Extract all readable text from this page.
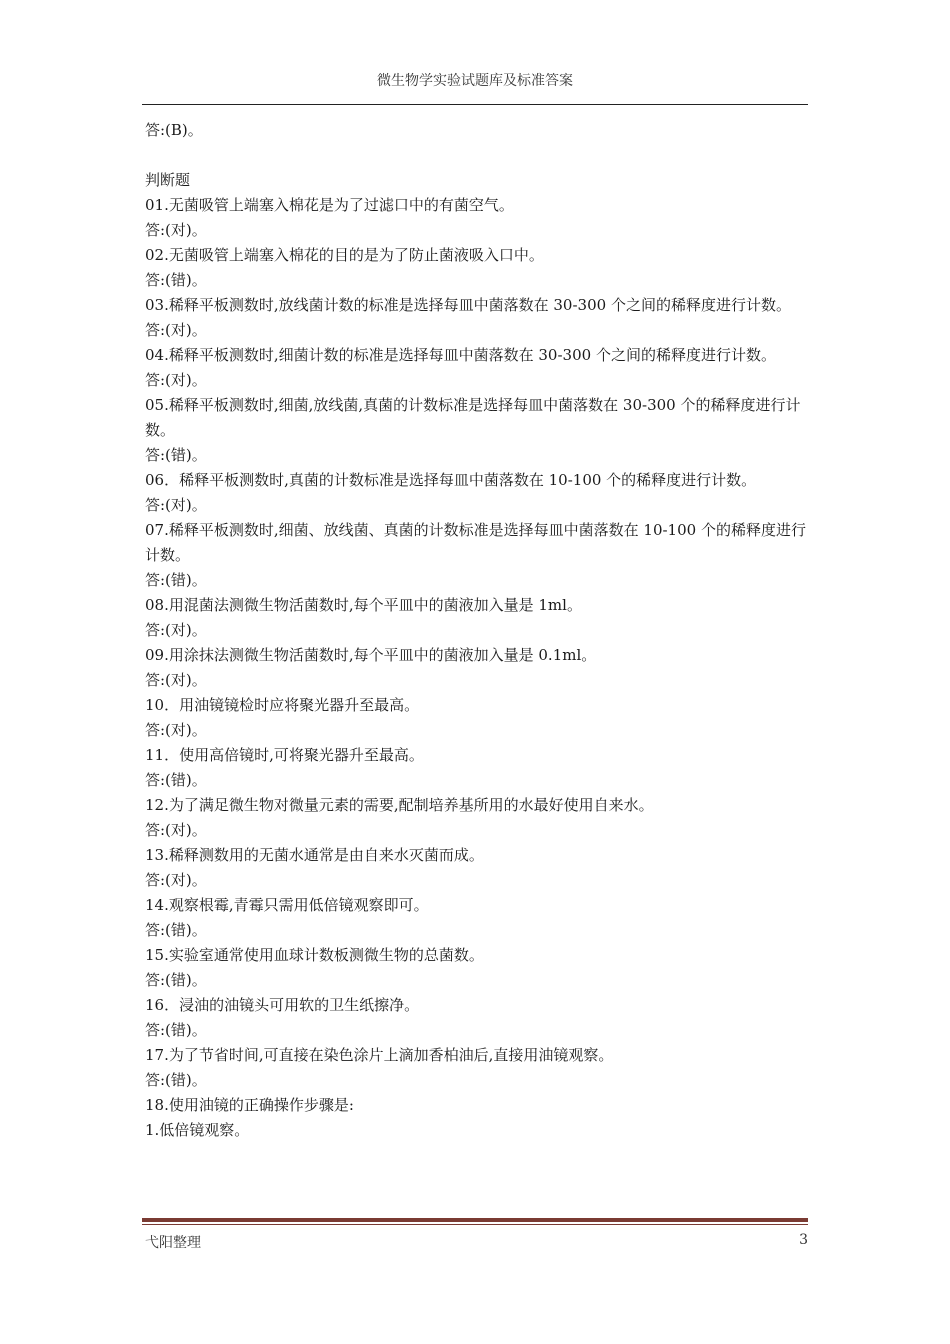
微生物学实验试题库及标准答案
答:(B)。
判断题
01.无菌吸管上端塞入棉花是为了过滤口中的有菌空气。
答:(对)。
02.无菌吸管上端塞入棉花的目的是为了防止菌液吸入口中。
答:(错)。
03.稀释平板测数时,放线菌计数的标准是选择每皿中菌落数在 30-300 个之间的稀释度进行计数。
答:(对)。
04.稀释平板测数时,细菌计数的标准是选择每皿中菌落数在 30-300 个之间的稀释度进行计数。
答:(对)。
05.稀释平板测数时,细菌,放线菌,真菌的计数标准是选择每皿中菌落数在 30-300 个的稀释度进行计数。
答:(错)。
06．稀释平板测数时,真菌的计数标准是选择每皿中菌落数在 10-100 个的稀释度进行计数。
答:(对)。
07.稀释平板测数时,细菌、放线菌、真菌的计数标准是选择每皿中菌落数在 10-100 个的稀释度进行计数。
答:(错)。
08.用混菌法测微生物活菌数时,每个平皿中的菌液加入量是 1ml。
答:(对)。
09.用涂抹法测微生物活菌数时,每个平皿中的菌液加入量是 0.1ml。
答:(对)。
10．用油镜镜检时应将聚光器升至最高。
答:(对)。
11．使用高倍镜时,可将聚光器升至最高。
答:(错)。
12.为了满足微生物对微量元素的需要,配制培养基所用的水最好使用自来水。
答:(对)。
13.稀释测数用的无菌水通常是由自来水灭菌而成。
答:(对)。
14.观察根霉,青霉只需用低倍镜观察即可。
答:(错)。
15.实验室通常使用血球计数板测微生物的总菌数。
答:(错)。
16．浸油的油镜头可用软的卫生纸擦净。
答:(错)。
17.为了节省时间,可直接在染色涂片上滴加香柏油后,直接用油镜观察。
答:(错)。
18.使用油镜的正确操作步骤是:
1.低倍镜观察。
弋阳整理	3
